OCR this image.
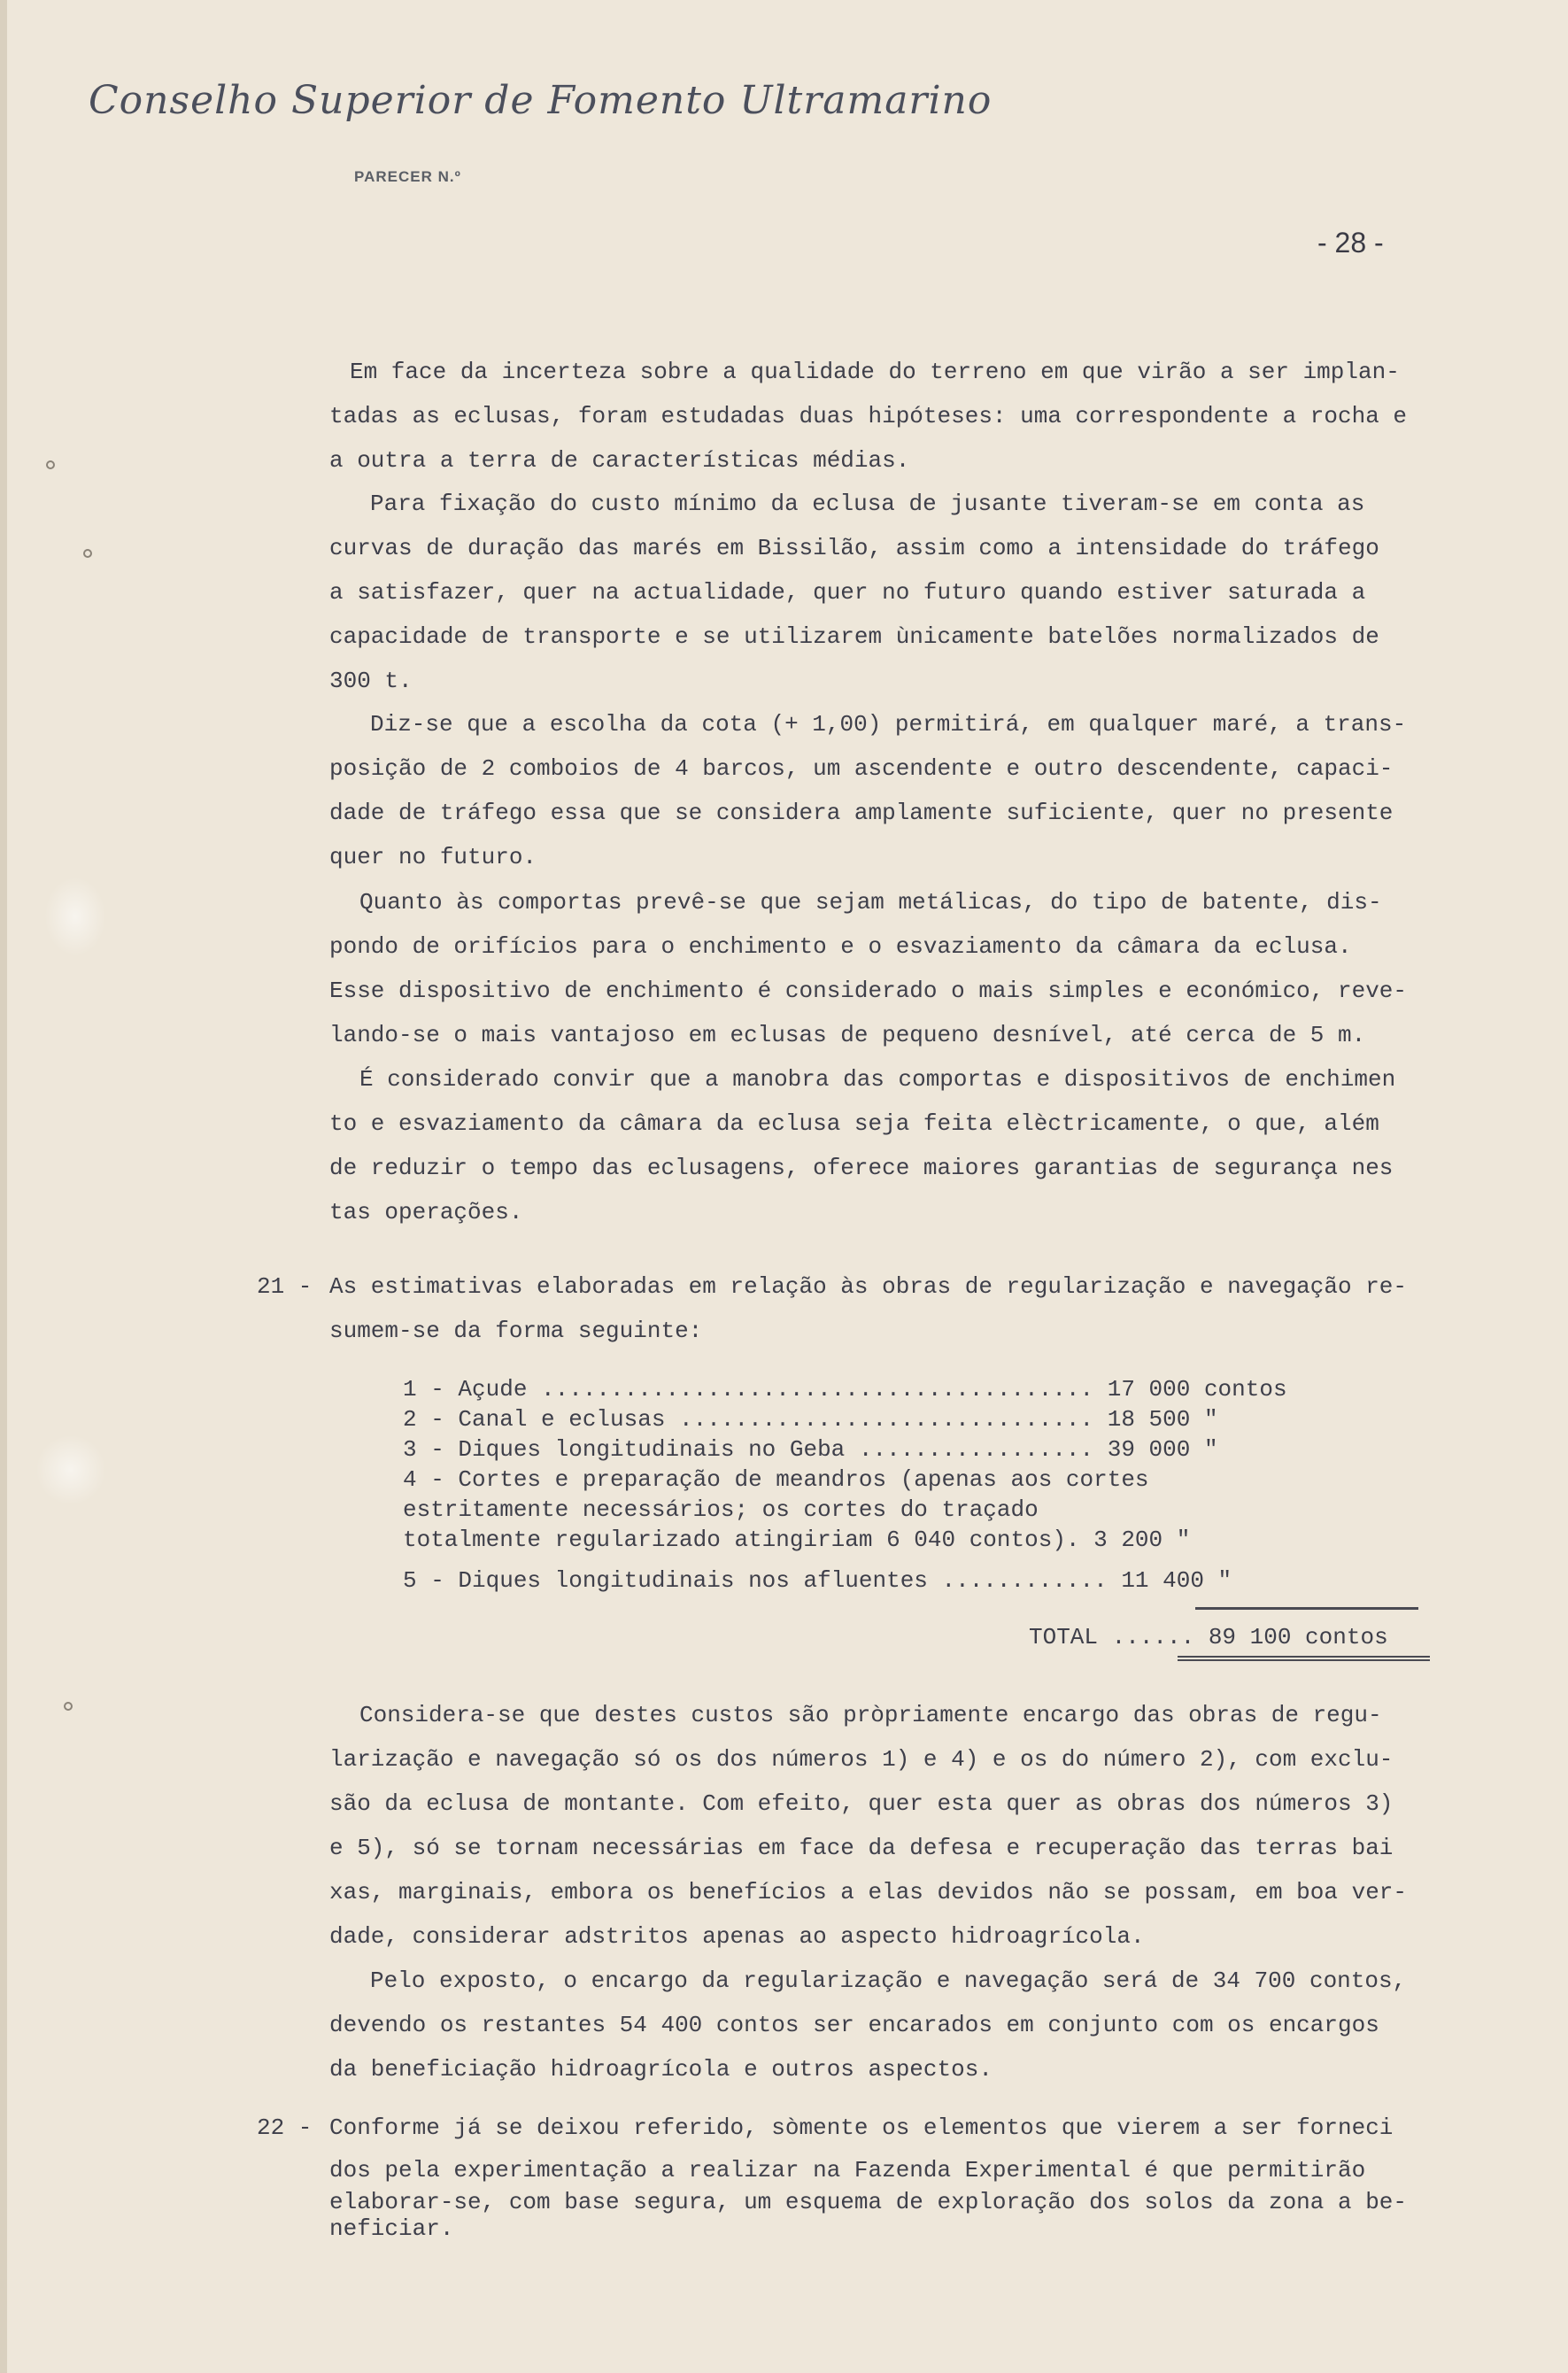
Conselho Superior de Fomento Ultramarino
PARECER N.º
- 28 -
Em face da incerteza sobre a qualidade do terreno em que virão a ser implan-
tadas as eclusas, foram estudadas duas hipóteses: uma correspondente a rocha e
a outra a terra de características médias.
Para fixação do custo mínimo da eclusa de jusante tiveram-se em conta as
curvas de duração das marés em Bissilão, assim como a intensidade do tráfego
a satisfazer, quer na actualidade, quer no futuro quando estiver saturada a
capacidade de transporte e se utilizarem ùnicamente batelões normalizados de
300 t.
Diz-se que a escolha da cota (+ 1,00) permitirá, em qualquer maré, a trans-
posição de 2 comboios de 4 barcos, um ascendente e outro descendente, capaci-
dade de tráfego essa que se considera amplamente suficiente, quer no presente
quer no futuro.
Quanto às comportas prevê-se que sejam metálicas, do tipo de batente, dis-
pondo de orifícios para o enchimento e o esvaziamento da câmara da eclusa.
Esse dispositivo de enchimento é considerado o mais simples e económico, reve-
lando-se o mais vantajoso em eclusas de pequeno desnível, até cerca de 5 m.
É considerado convir que a manobra das comportas e dispositivos de enchimen
to e esvaziamento da câmara da eclusa seja feita elèctricamente, o que, além
de reduzir o tempo das eclusagens, oferece maiores garantias de segurança nes
tas operações.
21 - As estimativas elaboradas em relação às obras de regularização e navegação re-
sumem-se da forma seguinte:
1 - Açude ........................................ 17 000 contos
2 - Canal e eclusas .............................. 18 500 "
3 - Diques longitudinais no Geba ................. 39 000 "
4 - Cortes e preparação de meandros (apenas aos cortes
estritamente necessários; os cortes do traçado
totalmente regularizado atingiriam 6 040 contos). 3 200 "
5 - Diques longitudinais nos afluentes ............ 11 400 "
TOTAL ...... 89 100 contos
Considera-se que destes custos são pròpriamente encargo das obras de regu-
larização e navegação só os dos números 1) e 4) e os do número 2), com exclu-
são da eclusa de montante. Com efeito, quer esta quer as obras dos números 3)
e 5), só se tornam necessárias em face da defesa e recuperação das terras bai
xas, marginais, embora os benefícios a elas devidos não se possam, em boa ver-
dade, considerar adstritos apenas ao aspecto hidroagrícola.
Pelo exposto, o encargo da regularização e navegação será de 34 700 contos,
devendo os restantes 54 400 contos ser encarados em conjunto com os encargos
da beneficiação hidroagrícola e outros aspectos.
22 - Conforme já se deixou referido, sòmente os elementos que vierem a ser forneci
dos pela experimentação a realizar na Fazenda Experimental é que permitirão
elaborar-se, com base segura, um esquema de exploração dos solos da zona a be-
neficiar.
